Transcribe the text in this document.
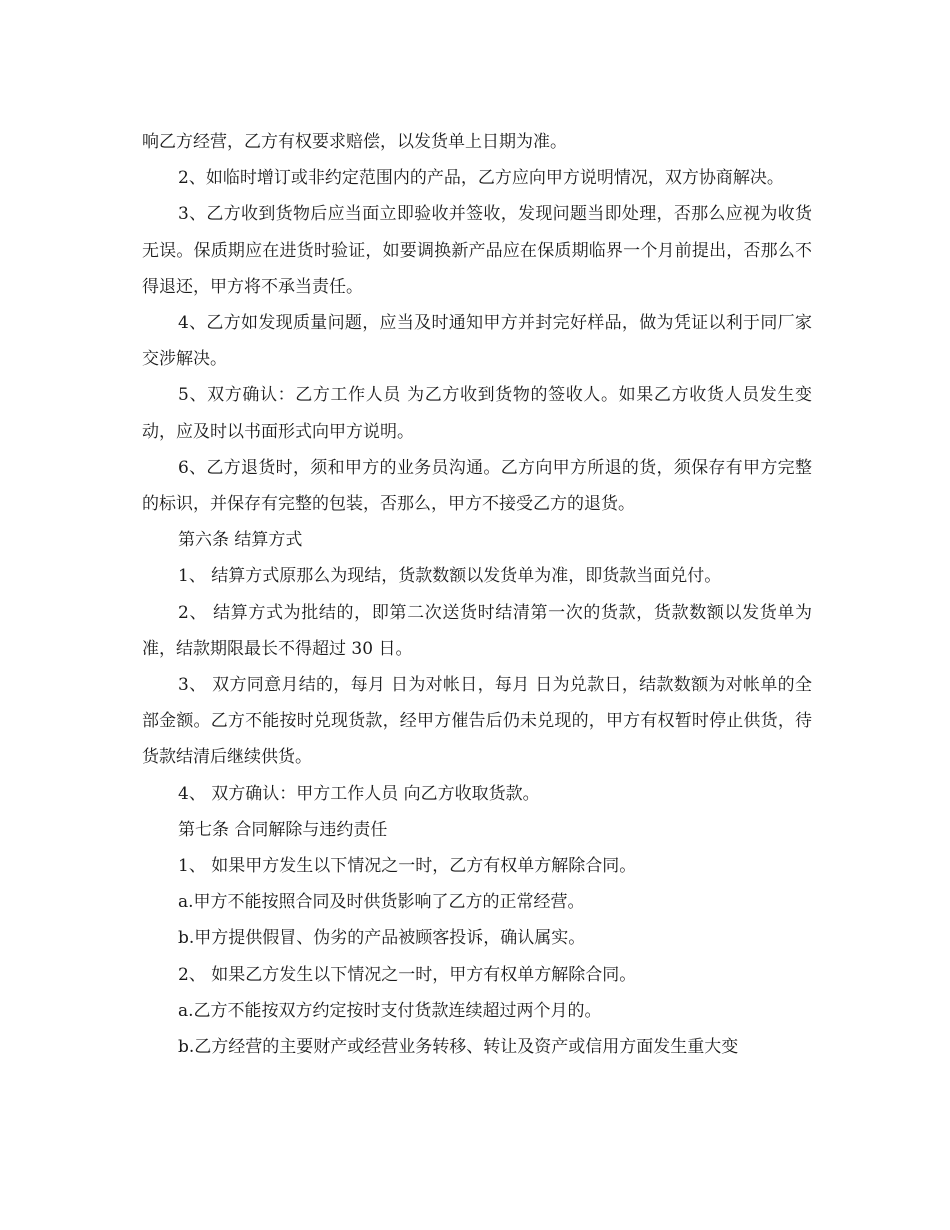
响乙方经营，乙方有权要求赔偿，以发货单上日期为准。

2、如临时增订或非约定范围内的产品，乙方应向甲方说明情况，双方协商解决。

3、乙方收到货物后应当面立即验收并签收，发现问题当即处理，否那么应视为收货无误。保质期应在进货时验证，如要调换新产品应在保质期临界一个月前提出，否那么不得退还，甲方将不承当责任。

4、乙方如发现质量问题，应当及时通知甲方并封完好样品，做为凭证以利于同厂家交涉解决。

5、双方确认：乙方工作人员 为乙方收到货物的签收人。如果乙方收货人员发生变动，应及时以书面形式向甲方说明。

6、乙方退货时，须和甲方的业务员沟通。乙方向甲方所退的货，须保存有甲方完整的标识，并保存有完整的包装，否那么，甲方不接受乙方的退货。

第六条 结算方式

1、 结算方式原那么为现结，货款数额以发货单为准，即货款当面兑付。

2、 结算方式为批结的，即第二次送货时结清第一次的货款，货款数额以发货单为准，结款期限最长不得超过 30 日。

3、 双方同意月结的，每月 日为对帐日，每月 日为兑款日，结款数额为对帐单的全部金额。乙方不能按时兑现货款，经甲方催告后仍未兑现的，甲方有权暂时停止供货，待货款结清后继续供货。

4、 双方确认：甲方工作人员 向乙方收取货款。

第七条 合同解除与违约责任

1、 如果甲方发生以下情况之一时，乙方有权单方解除合同。

a.甲方不能按照合同及时供货影响了乙方的正常经营。

b.甲方提供假冒、伪劣的产品被顾客投诉，确认属实。

2、 如果乙方发生以下情况之一时，甲方有权单方解除合同。

a.乙方不能按双方约定按时支付货款连续超过两个月的。

b.乙方经营的主要财产或经营业务转移、转让及资产或信用方面发生重大变
